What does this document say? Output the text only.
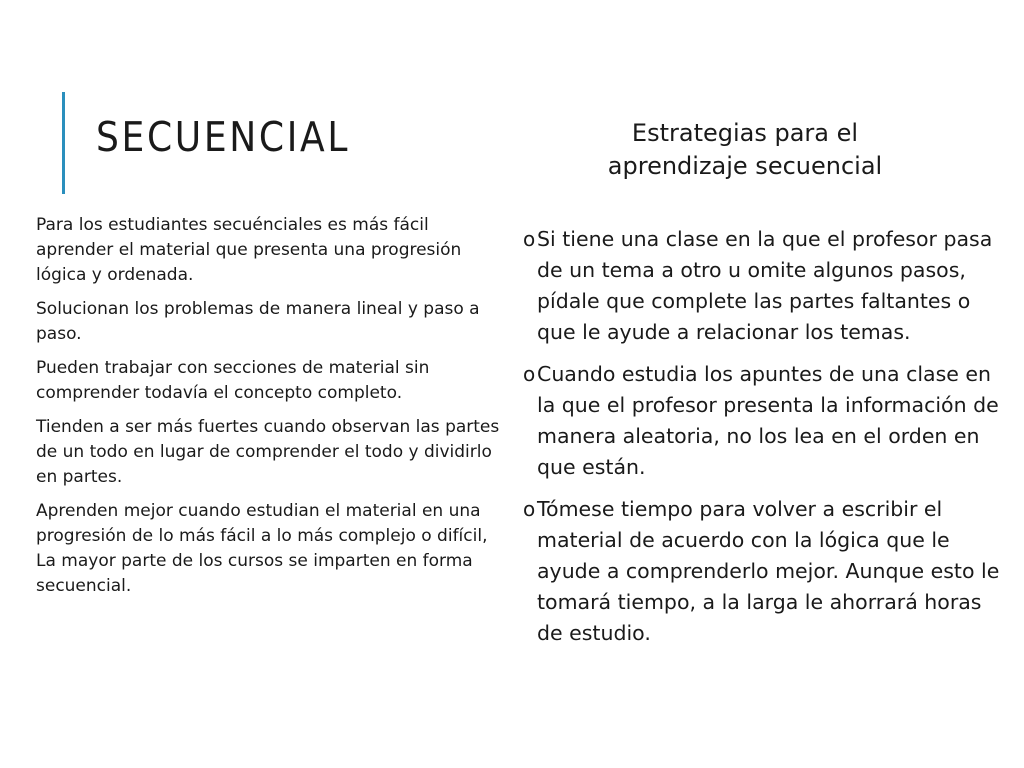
SECUENCIAL	Estrategias para el
aprendizaje secuencial

Para los estudiantes secuénciales es más fácil aprender el material que presenta una progresión lógica y ordenada.

Solucionan los problemas de manera lineal y paso a paso.

Pueden trabajar con secciones de material sin comprender todavía el concepto completo.

Tienden a ser más fuertes cuando observan las partes de un todo en lugar de comprender el todo y dividirlo en partes.

Aprenden mejor cuando estudian el material en una progresión de lo más fácil a lo más complejo o difícil, La mayor parte de los cursos se imparten en forma secuencial.

o Si tiene una clase en la que el profesor pasa de un tema a otro u omite algunos pasos, pídale que complete las partes faltantes o que le ayude a relacionar los temas.
o Cuando estudia los apuntes de una clase en la que el profesor presenta la información de manera aleatoria, no los lea en el orden en que están.
o Tómese tiempo para volver a escribir el material de acuerdo con la lógica que le ayude a comprenderlo mejor. Aunque esto le tomará tiempo, a la larga le ahorrará horas de estudio.
